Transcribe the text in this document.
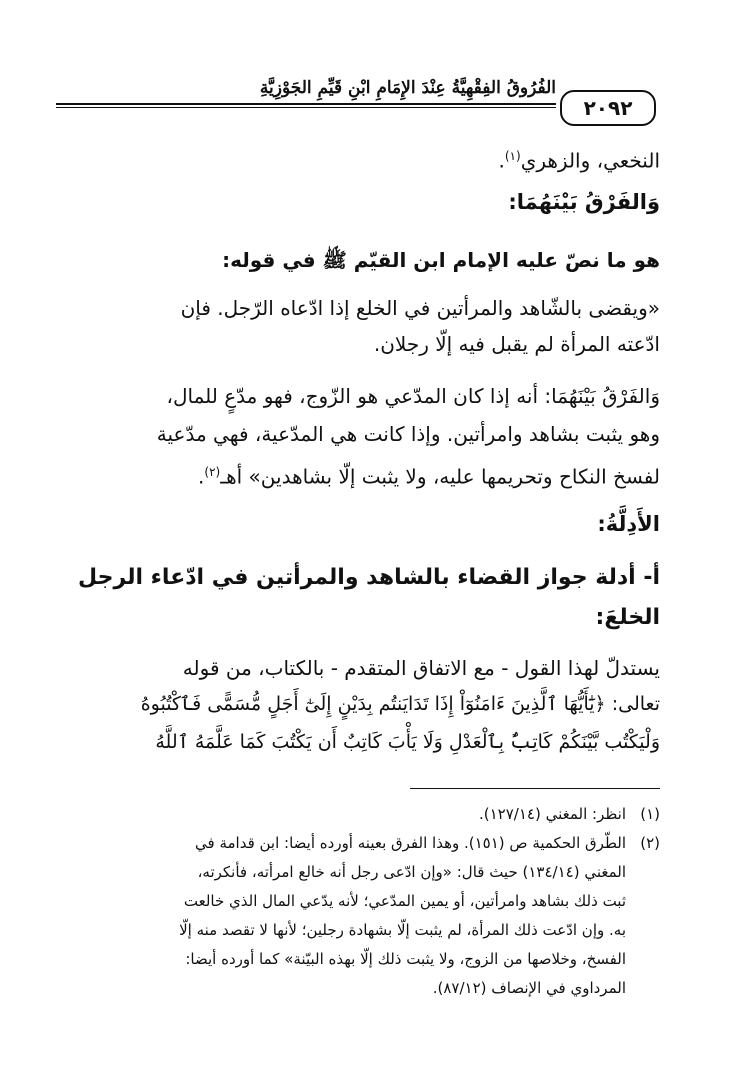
الفُرُوقُ الفِقْهِيَّةُ عِنْدَ الإِمَامِ ابْنِ قَيِّمِ الجَوْزِيَّةِ
٢٠٩٢
النخعي، والزهري$^{(١)}$.
وَالفَرْقُ بَيْنَهُمَا:
هو ما نصّ عليه الإمام ابن القيّم ﷺ في قوله:
«ويقضى بالشّاهد والمرأتين في الخلع إذا ادّعاه الرّجل. فإن
ادّعته المرأة لم يقبل فيه إلّا رجلان.
وَالفَرْقُ بَيْنَهُمَا: أنه إذا كان المدّعي هو الزّوج، فهو مدّعٍ للمال،
وهو يثبت بشاهد وامرأتين. وإذا كانت هي المدّعية، فهي مدّعية
لفسخ النكاح وتحريمها عليه، ولا يثبت إلّا بشاهدين» أهـ$^{(٢)}$.
الأَدِلَّةُ:
أ- أدلة جواز القضاء بالشاهد والمرأتين في ادّعاء الرجل
الخلعَ:
يستدلّ لهذا القول - مع الاتفاق المتقدم - بالكتاب، من قوله
تعالى: ﴿يَٰٓأَيُّهَا ٱلَّذِينَ ءَامَنُوٓاْ إِذَا تَدَايَنتُم بِدَيْنٍ إِلَىٰٓ أَجَلٍ مُّسَمًّى فَٱكْتُبُوهُ
وَلْيَكْتُب بَّيْنَكُمْ كَاتِبٌۢ بِٱلْعَدْلِ وَلَا يَأْبَ كَاتِبٌ أَن يَكْتُبَ كَمَا عَلَّمَهُ ٱللَّهُ

(١)انظر: المغني (١٢٧/١٤).

(٢)الطّرق الحكمية ص (١٥١). وهذا الفرق بعينه أورده أيضا: ابن قدامة في

المغني (١٣٤/١٤) حيث قال: «وإن ادّعى رجل أنه خالع امرأته، فأنكرته،

ثبت ذلك بشاهد وامرأتين، أو يمين المدّعي؛ لأنه يدّعي المال الذي خالعت

به. وإن ادّعت ذلك المرأة، لم يثبت إلّا بشهادة رجلين؛ لأنها لا تقصد منه إلّا

الفسخ، وخلاصها من الزوج، ولا يثبت ذلك إلّا بهذه البيّنة» كما أورده أيضا:

المرداوي في الإنصاف (٨٧/١٢).
